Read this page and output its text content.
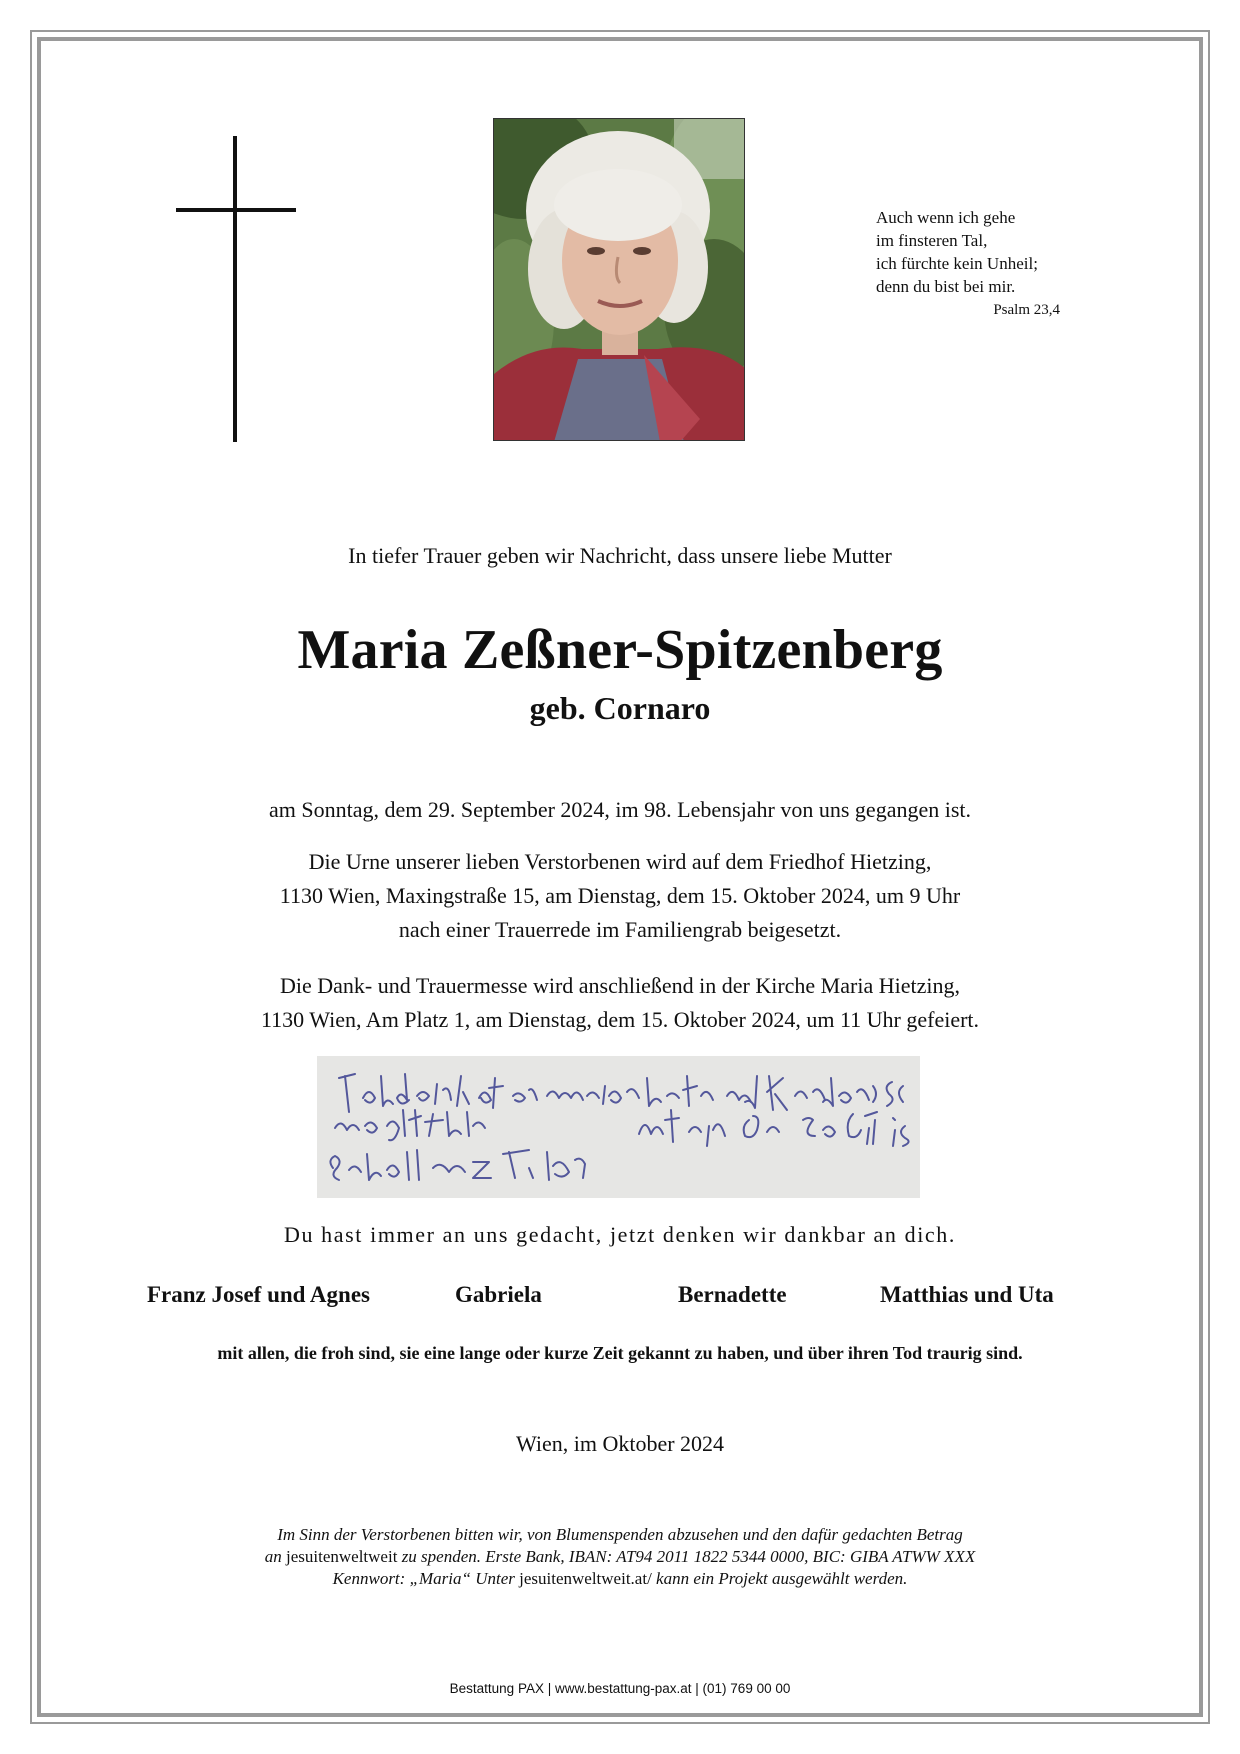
Auch wenn ich gehe
im finsteren Tal,
ich fürchte kein Unheil;
denn du bist bei mir.
Psalm 23,4
In tiefer Trauer geben wir Nachricht, dass unsere liebe Mutter
Maria Zeßner-Spitzenberg
geb. Cornaro
am Sonntag, dem 29. September 2024, im 98. Lebensjahr von uns gegangen ist.
Die Urne unserer lieben Verstorbenen wird auf dem Friedhof Hietzing,
1130 Wien, Maxingstraße 15, am Dienstag, dem 15. Oktober 2024, um 9 Uhr
nach einer Trauerrede im Familiengrab beigesetzt.
Die Dank- und Trauermesse wird anschließend in der Kirche Maria Hietzing,
1130 Wien, Am Platz 1, am Dienstag, dem 15. Oktober 2024, um 11 Uhr gefeiert.
Du hast immer an uns gedacht, jetzt denken wir dankbar an dich.
Franz Josef und Agnes	Gabriela	Bernadette	Matthias und Uta
mit allen, die froh sind, sie eine lange oder kurze Zeit gekannt zu haben, und über ihren Tod traurig sind.
Wien, im Oktober 2024
Im Sinn der Verstorbenen bitten wir, von Blumenspenden abzusehen und den dafür gedachten Betrag
an jesuitenweltweit zu spenden. Erste Bank, IBAN: AT94 2011 1822 5344 0000, BIC: GIBA ATWW XXX
Kennwort: „Maria“ Unter jesuitenweltweit.at/ kann ein Projekt ausgewählt werden.
Bestattung PAX | www.bestattung-pax.at | (01) 769 00 00
